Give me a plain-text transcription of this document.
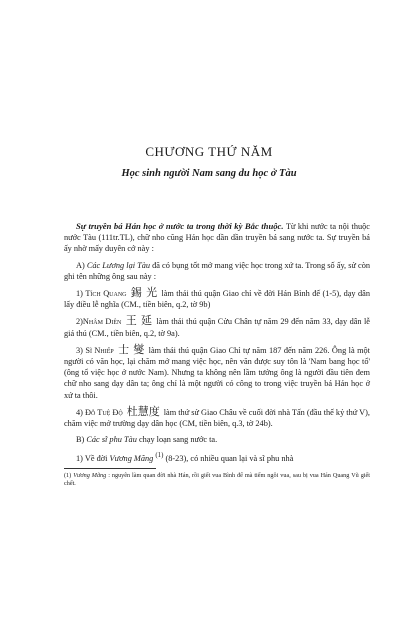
CHƯƠNG THỨ NĂM
Học sinh người Nam sang du học ở Tàu

Sự truyền bá Hán học ở nước ta trong thời kỳ Bắc thuộc. Từ khi nước ta nội thuộc nước Tàu (111tr.TL), chữ nho cũng Hán học dần dần truyền bá sang nước ta. Sự truyền bá ấy nhờ mấy duyên cớ này :

A) Các Lương lại Tàu đã có bụng tốt mở mang việc học trong xứ ta. Trong số ấy, sử còn ghi tên những ông sau này :

1) Tích Quang 錫 光 làm thái thú quận Giao chỉ về đời Hán Bình đế (1-5), dạy dân lấy điều lễ nghĩa (CM., tiền biên, q.2, tờ 9b)

2)Nhâm Diên 王 延 làm thái thú quận Cửu Chân tự năm 29 đến năm 33, dạy dân lễ giá thú (CM., tiền biên, q.2, tờ 9a).

3) Sĩ Nhiếp 士 燮 làm thái thú quận Giao Chỉ tự năm 187 đến năm 226. Ông là một người có văn học, lại chăm mở mang việc học, nên văn được suy tôn là 'Nam bang học tổ' (ông tổ việc học ở nước Nam). Nhưng ta không nên lầm tưởng ông là người đầu tiên đem chữ nho sang dạy dân ta; ông chỉ là một người có công to trong việc truyền bá Hán học ở xứ ta thôi.

4) Đỗ Tuệ Độ 杜慧度 làm thứ sử Giao Châu về cuối đời nhà Tấn (đầu thế kỷ thứ V), chăm việc mở trường dạy dân học (CM, tiền biên, q.3, tờ 24b).

B) Các sĩ phu Tàu chạy loạn sang nước ta.

1) Về đời Vương Mãng $^{(1)}$ (8-23), có nhiều quan lại và sĩ phu nhà

(1) Vương Mãng : nguyên làm quan đời nhà Hán, rồi giết vua Bình đế mà tiếm ngôi vua, sau bị vua Hán Quang Vũ giết chết.
